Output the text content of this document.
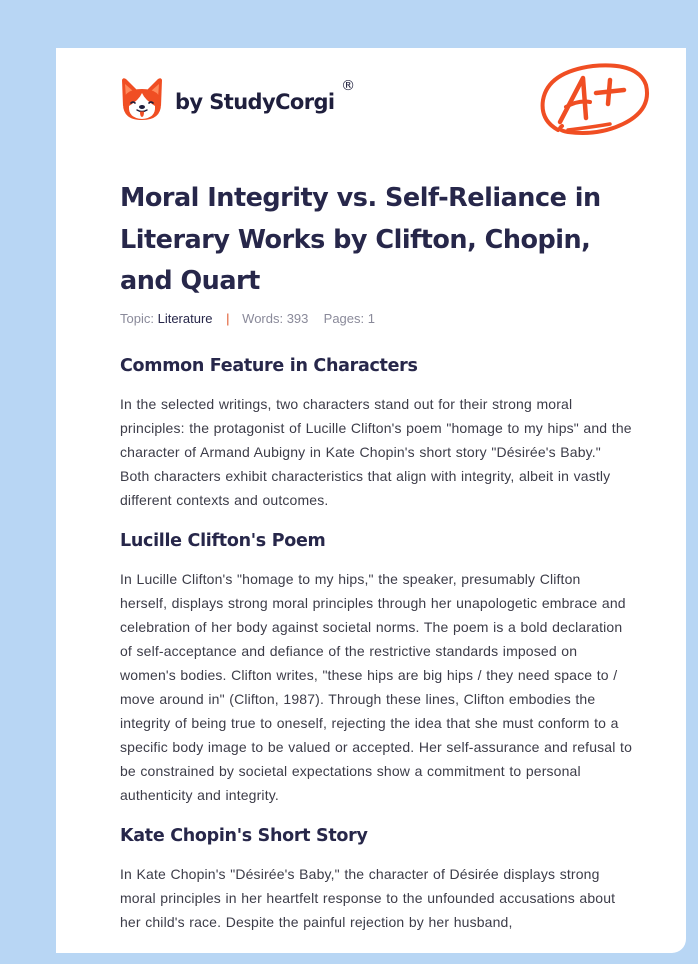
by StudyCorgi
®
Moral Integrity vs. Self-Reliance in Literary Works by Clifton, Chopin, and Quart
Topic: Literature | Words: 393 Pages: 1
Common Feature in Characters

In the selected writings, two characters stand out for their strong moral principles: the protagonist of Lucille Clifton's poem "homage to my hips" and the character of Armand Aubigny in Kate Chopin's short story "Désirée's Baby." Both characters exhibit characteristics that align with integrity, albeit in vastly different contexts and outcomes.

Lucille Clifton's Poem

In Lucille Clifton's "homage to my hips," the speaker, presumably Clifton herself, displays strong moral principles through her unapologetic embrace and celebration of her body against societal norms. The poem is a bold declaration of self-acceptance and defiance of the restrictive standards imposed on women's bodies. Clifton writes, "these hips are big hips / they need space to / move around in" (Clifton, 1987). Through these lines, Clifton embodies the integrity of being true to oneself, rejecting the idea that she must conform to a specific body image to be valued or accepted. Her self-assurance and refusal to be constrained by societal expectations show a commitment to personal authenticity and integrity.

Kate Chopin's Short Story

In Kate Chopin's "Désirée's Baby," the character of Désirée displays strong moral principles in her heartfelt response to the unfounded accusations about her child's race. Despite the painful rejection by her husband,
